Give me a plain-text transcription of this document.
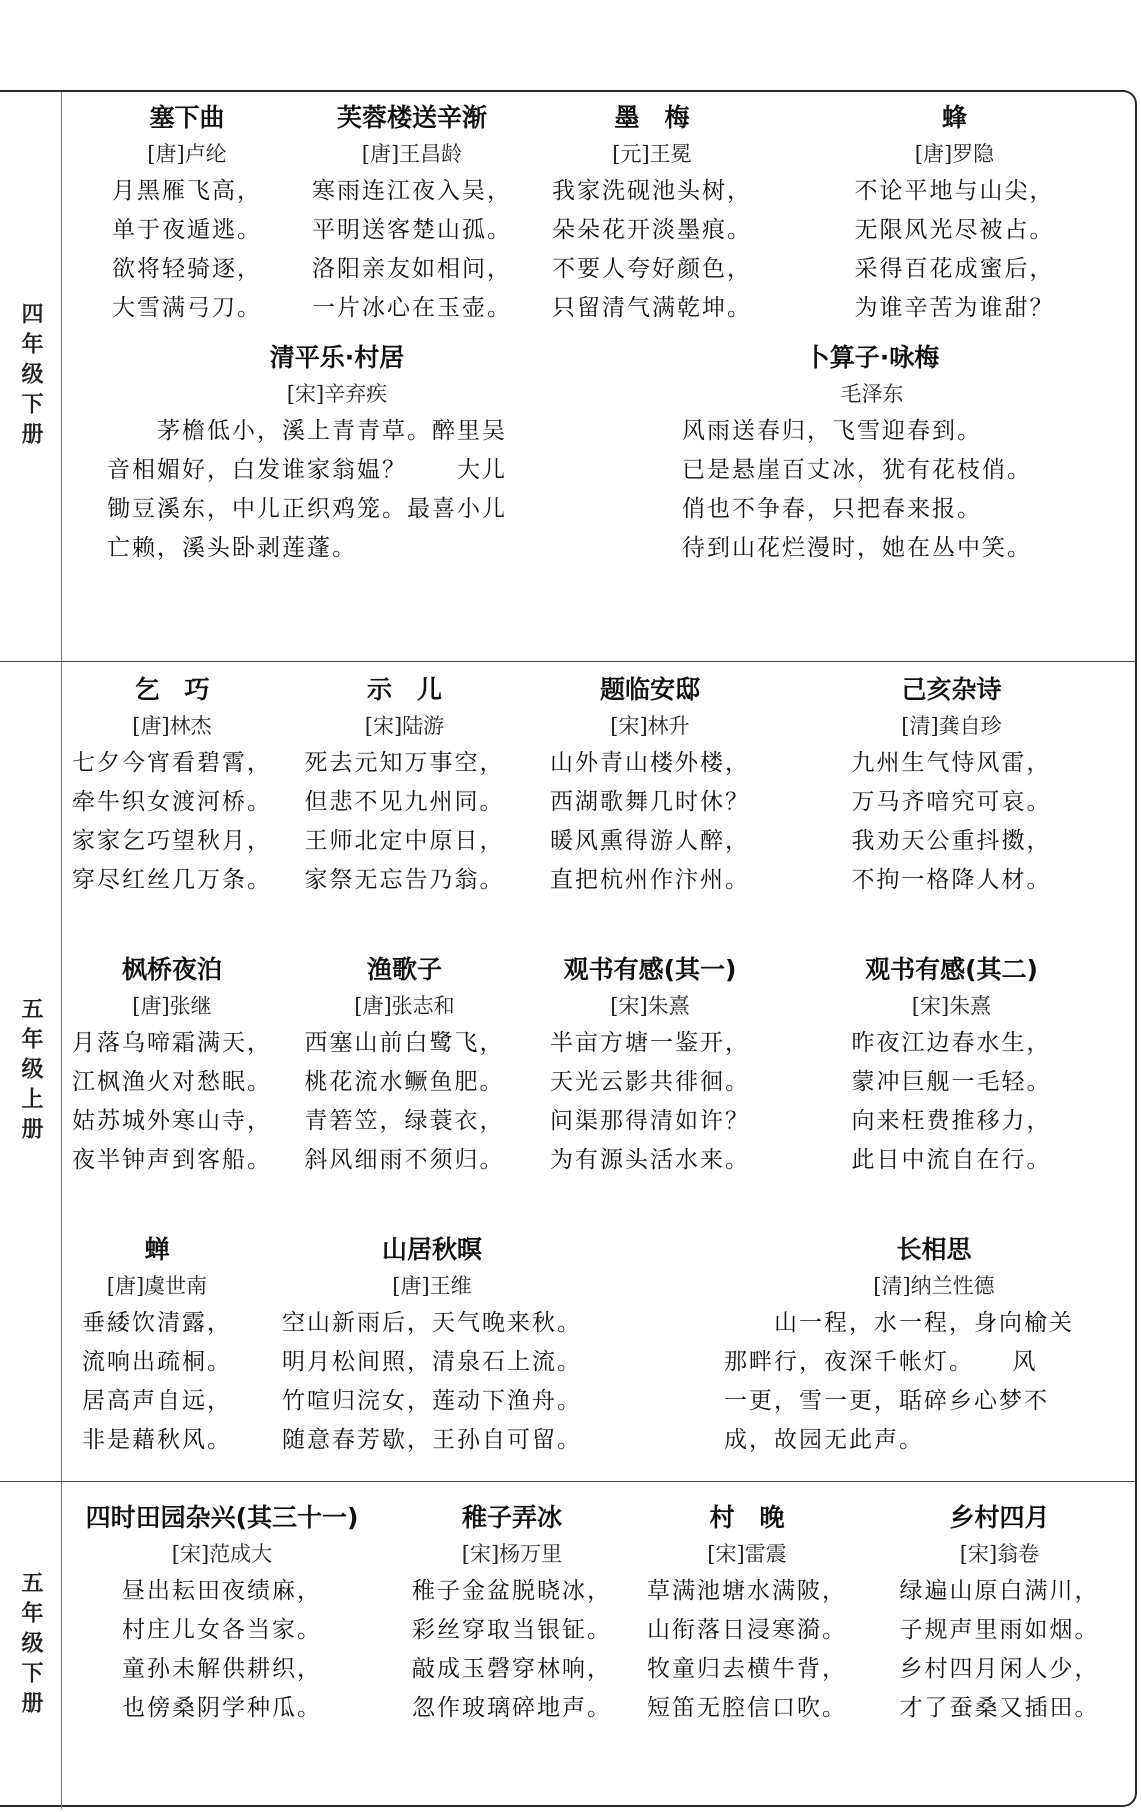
四年级下册
塞下曲
[唐]卢纶
月黑雁飞高，
单于夜遁逃。
欲将轻骑逐，
大雪满弓刀。
芙蓉楼送辛渐
[唐]王昌龄
寒雨连江夜入吴，
平明送客楚山孤。
洛阳亲友如相问，
一片冰心在玉壶。
墨　梅
[元]王冕
我家洗砚池头树，
朵朵花开淡墨痕。
不要人夸好颜色，
只留清气满乾坤。
蜂
[唐]罗隐
不论平地与山尖，
无限风光尽被占。
采得百花成蜜后，
为谁辛苦为谁甜？
清平乐·村居
[宋]辛弃疾
　　茅檐低小，溪上青青草。醉里吴
音相媚好，白发谁家翁媪？　　大儿
锄豆溪东，中儿正织鸡笼。最喜小儿
亡赖，溪头卧剥莲蓬。
卜算子·咏梅
毛泽东
风雨送春归，飞雪迎春到。
已是悬崖百丈冰，犹有花枝俏。
俏也不争春，只把春来报。
待到山花烂漫时，她在丛中笑。
五年级上册
乞　巧
[唐]林杰
七夕今宵看碧霄，
牵牛织女渡河桥。
家家乞巧望秋月，
穿尽红丝几万条。
示　儿
[宋]陆游
死去元知万事空，
但悲不见九州同。
王师北定中原日，
家祭无忘告乃翁。
题临安邸
[宋]林升
山外青山楼外楼，
西湖歌舞几时休？
暖风熏得游人醉，
直把杭州作汴州。
己亥杂诗
[清]龚自珍
九州生气恃风雷，
万马齐喑究可哀。
我劝天公重抖擞，
不拘一格降人材。
枫桥夜泊
[唐]张继
月落乌啼霜满天，
江枫渔火对愁眠。
姑苏城外寒山寺，
夜半钟声到客船。
渔歌子
[唐]张志和
西塞山前白鹭飞，
桃花流水鳜鱼肥。
青箬笠，绿蓑衣，
斜风细雨不须归。
观书有感(其一)
[宋]朱熹
半亩方塘一鉴开，
天光云影共徘徊。
问渠那得清如许？
为有源头活水来。
观书有感(其二)
[宋]朱熹
昨夜江边春水生，
蒙冲巨舰一毛轻。
向来枉费推移力，
此日中流自在行。
蝉
[唐]虞世南
垂緌饮清露，
流响出疏桐。
居高声自远，
非是藉秋风。
山居秋暝
[唐]王维
空山新雨后，天气晚来秋。
明月松间照，清泉石上流。
竹喧归浣女，莲动下渔舟。
随意春芳歇，王孙自可留。
长相思
[清]纳兰性德
　　山一程，水一程，身向榆关
那畔行，夜深千帐灯。　　风
一更，雪一更，聒碎乡心梦不
成，故园无此声。
五年级下册
四时田园杂兴(其三十一)
[宋]范成大
昼出耘田夜绩麻，
村庄儿女各当家。
童孙未解供耕织，
也傍桑阴学种瓜。
稚子弄冰
[宋]杨万里
稚子金盆脱晓冰，
彩丝穿取当银钲。
敲成玉磬穿林响，
忽作玻璃碎地声。
村　晚
[宋]雷震
草满池塘水满陂，
山衔落日浸寒漪。
牧童归去横牛背，
短笛无腔信口吹。
乡村四月
[宋]翁卷
绿遍山原白满川，
子规声里雨如烟。
乡村四月闲人少，
才了蚕桑又插田。
